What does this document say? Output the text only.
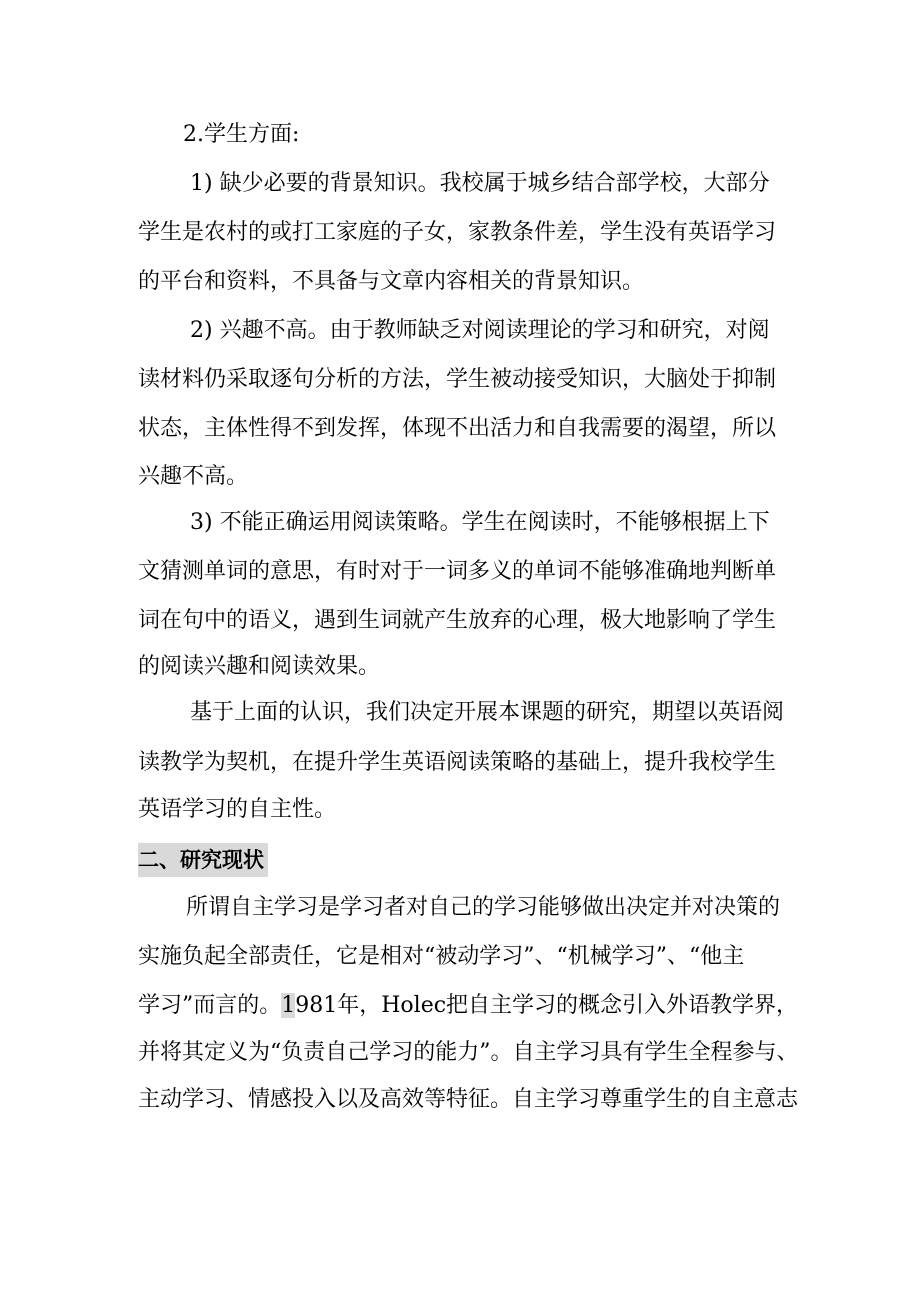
2.学生方面:
1) 缺少必要的背景知识。我校属于城乡结合部学校，大部分
学生是农村的或打工家庭的子女，家教条件差，学生没有英语学习
的平台和资料，不具备与文章内容相关的背景知识。
2) 兴趣不高。由于教师缺乏对阅读理论的学习和研究，对阅
读材料仍采取逐句分析的方法，学生被动接受知识，大脑处于抑制
状态，主体性得不到发挥，体现不出活力和自我需要的渴望，所以
兴趣不高。
3) 不能正确运用阅读策略。学生在阅读时，不能够根据上下
文猜测单词的意思，有时对于一词多义的单词不能够准确地判断单
词在句中的语义，遇到生词就产生放弃的心理，极大地影响了学生
的阅读兴趣和阅读效果。
基于上面的认识，我们决定开展本课题的研究，期望以英语阅
读教学为契机，在提升学生英语阅读策略的基础上，提升我校学生
英语学习的自主性。
二、研究现状
所谓自主学习是学习者对自己的学习能够做出决定并对决策的
实施负起全部责任，它是相对“被动学习”、“机械学习”、“他主
学习”而言的。1981年，Holec把自主学习的概念引入外语教学界，
并将其定义为“负责自己学习的能力”。自主学习具有学生全程参与、
主动学习、情感投入以及高效等特征。自主学习尊重学生的自主意志
